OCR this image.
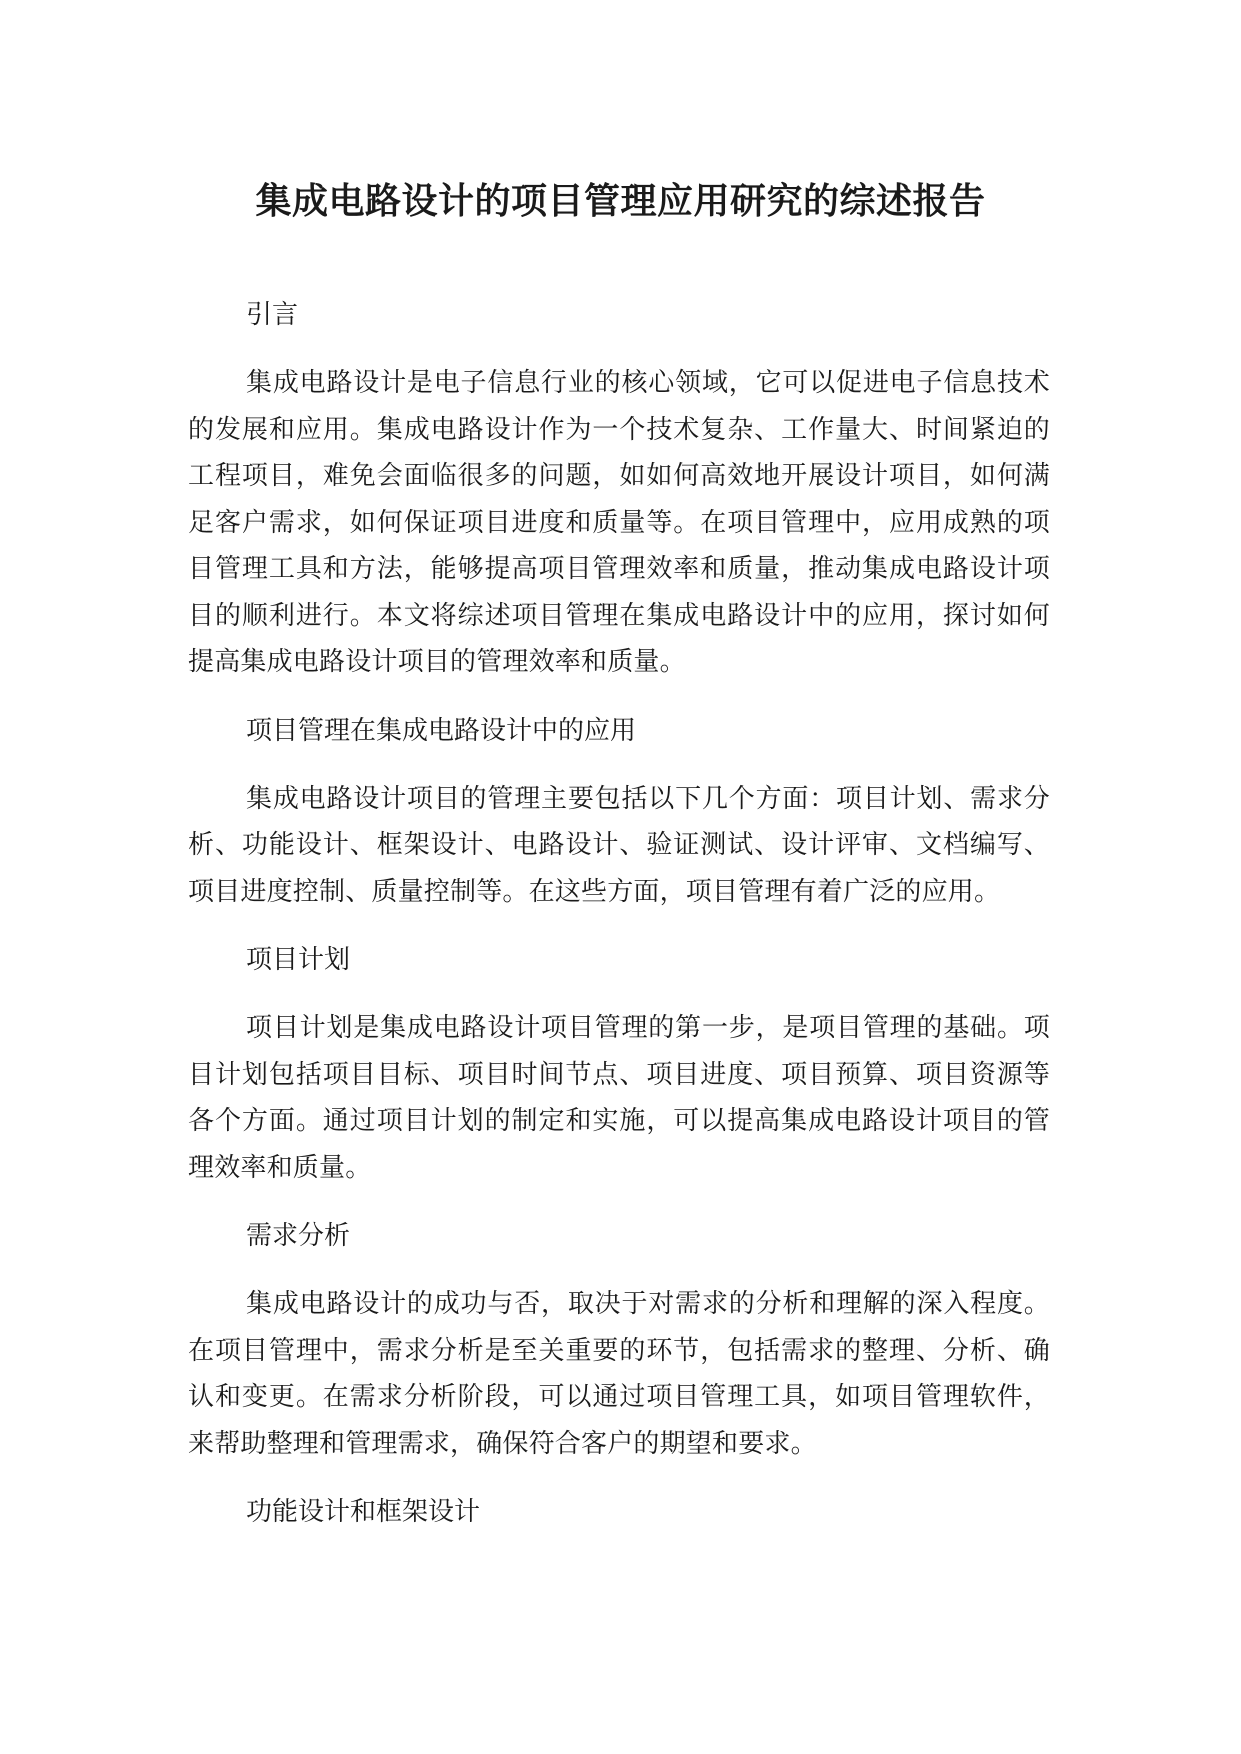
集成电路设计的项目管理应用研究的综述报告

引言

集成电路设计是电子信息行业的核心领域，它可以促进电子信息技术的发展和应用。集成电路设计作为一个技术复杂、工作量大、时间紧迫的工程项目，难免会面临很多的问题，如如何高效地开展设计项目，如何满足客户需求，如何保证项目进度和质量等。在项目管理中，应用成熟的项目管理工具和方法，能够提高项目管理效率和质量，推动集成电路设计项目的顺利进行。本文将综述项目管理在集成电路设计中的应用，探讨如何提高集成电路设计项目的管理效率和质量。

项目管理在集成电路设计中的应用

集成电路设计项目的管理主要包括以下几个方面：项目计划、需求分析、功能设计、框架设计、电路设计、验证测试、设计评审、文档编写、项目进度控制、质量控制等。在这些方面，项目管理有着广泛的应用。

项目计划

项目计划是集成电路设计项目管理的第一步，是项目管理的基础。项目计划包括项目目标、项目时间节点、项目进度、项目预算、项目资源等各个方面。通过项目计划的制定和实施，可以提高集成电路设计项目的管理效率和质量。

需求分析

集成电路设计的成功与否，取决于对需求的分析和理解的深入程度。在项目管理中，需求分析是至关重要的环节，包括需求的整理、分析、确认和变更。在需求分析阶段，可以通过项目管理工具，如项目管理软件，来帮助整理和管理需求，确保符合客户的期望和要求。

功能设计和框架设计
